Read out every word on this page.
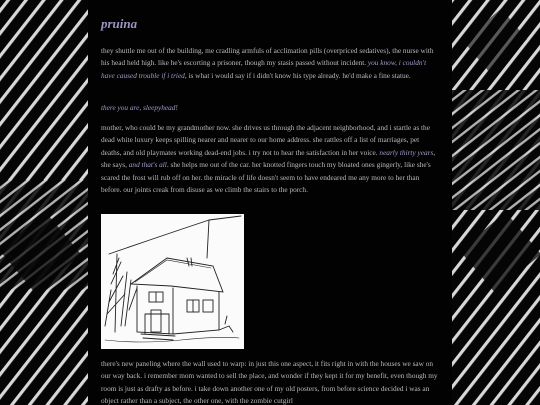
pruina

they shuttle me out of the building, me cradling armfuls of acclimation pills (overpriced sedatives), the nurse with his head held high. like he's escorting a prisoner, though my stasis passed without incident. you know, i couldn't have caused trouble if i tried, is what i would say if i didn't know his type already. he'd make a fine statue.

there you are, sleepyhead!

mother, who could be my grandmother now. she drives us through the adjacent neighborhood, and i startle as the dead white luxury keeps spilling nearer and nearer to our home address. she rattles off a list of marriages, pet deaths, and old playmates working dead-end jobs. i try not to hear the satisfaction in her voice. nearly thirty years, she says, and that's all. she helps me out of the car. her knotted fingers touch my bloated ones gingerly, like she's scared the frost will rub off on her. the miracle of life doesn't seem to have endeared me any more to her than before. our joints creak from disuse as we climb the stairs to the porch.

there's new paneling where the wall used to warp: in just this one aspect, it fits right in with the houses we saw on our way back. i remember mom wanted to sell the place, and wonder if they kept it for my benefit, even though my room is just as drafty as before. i take down another one of my old posters, from before science decided i was an object rather than a subject, the other one, with the zombie cutgirl
